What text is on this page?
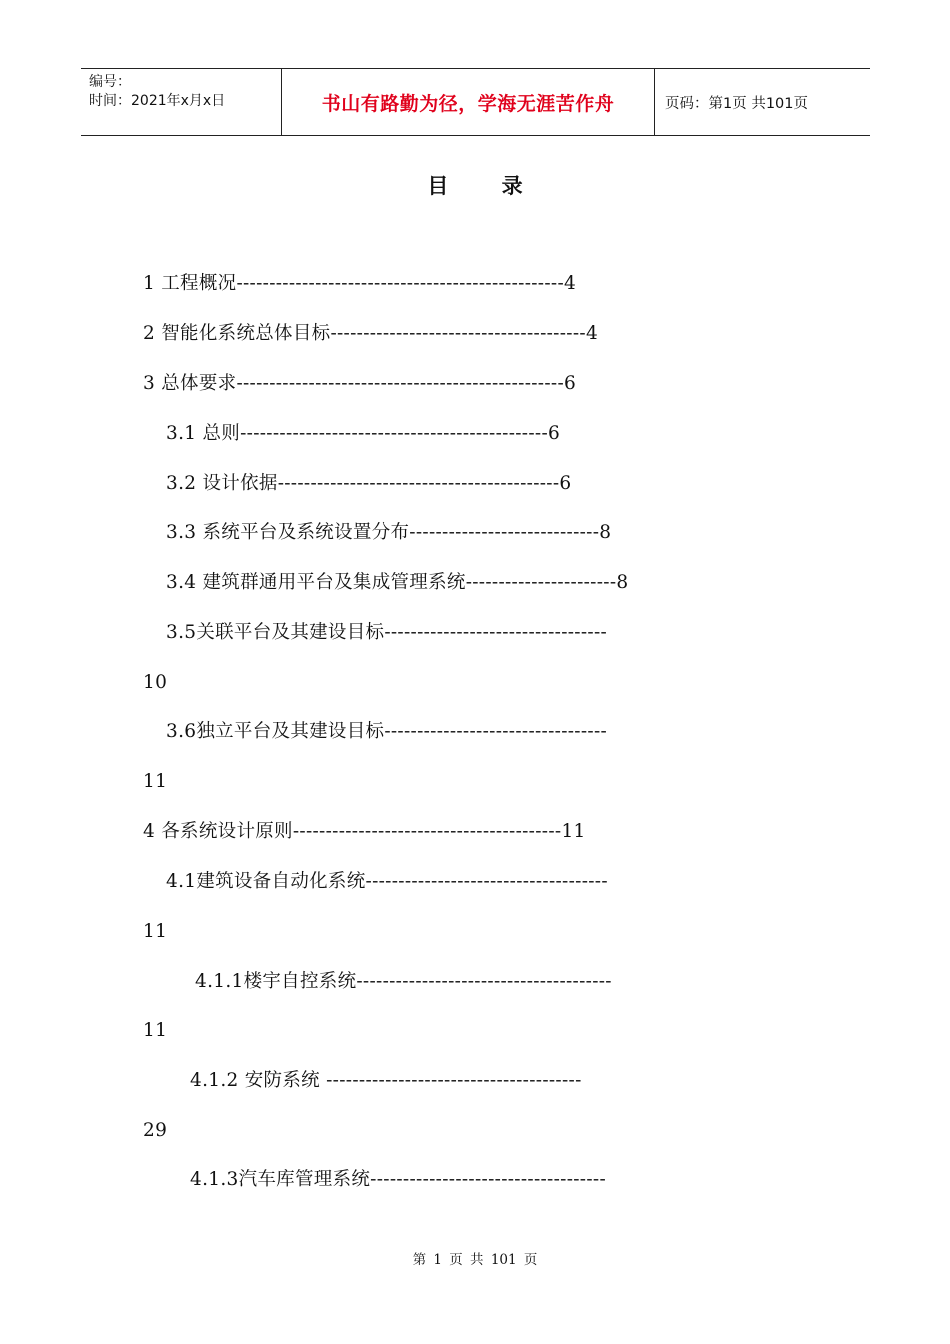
编号：
时间：2021年x月x日	书山有路勤为径，学海无涯苦作舟	页码：第1页 共101页
目 录
1 工程概况--------------------------------------------------4
2 智能化系统总体目标---------------------------------------4
3 总体要求--------------------------------------------------6
3.1 总则-----------------------------------------------6
3.2 设计依据-------------------------------------------6
3.3 系统平台及系统设置分布-----------------------------8
3.4 建筑群通用平台及集成管理系统-----------------------8
3.5关联平台及其建设目标----------------------------------
10
3.6独立平台及其建设目标----------------------------------
11
4 各系统设计原则-----------------------------------------11
4.1建筑设备自动化系统-------------------------------------
11
4.1.1楼宇自控系统---------------------------------------
11
4.1.2 安防系统 ---------------------------------------
29
4.1.3汽车库管理系统------------------------------------
第 1 页 共 101 页
